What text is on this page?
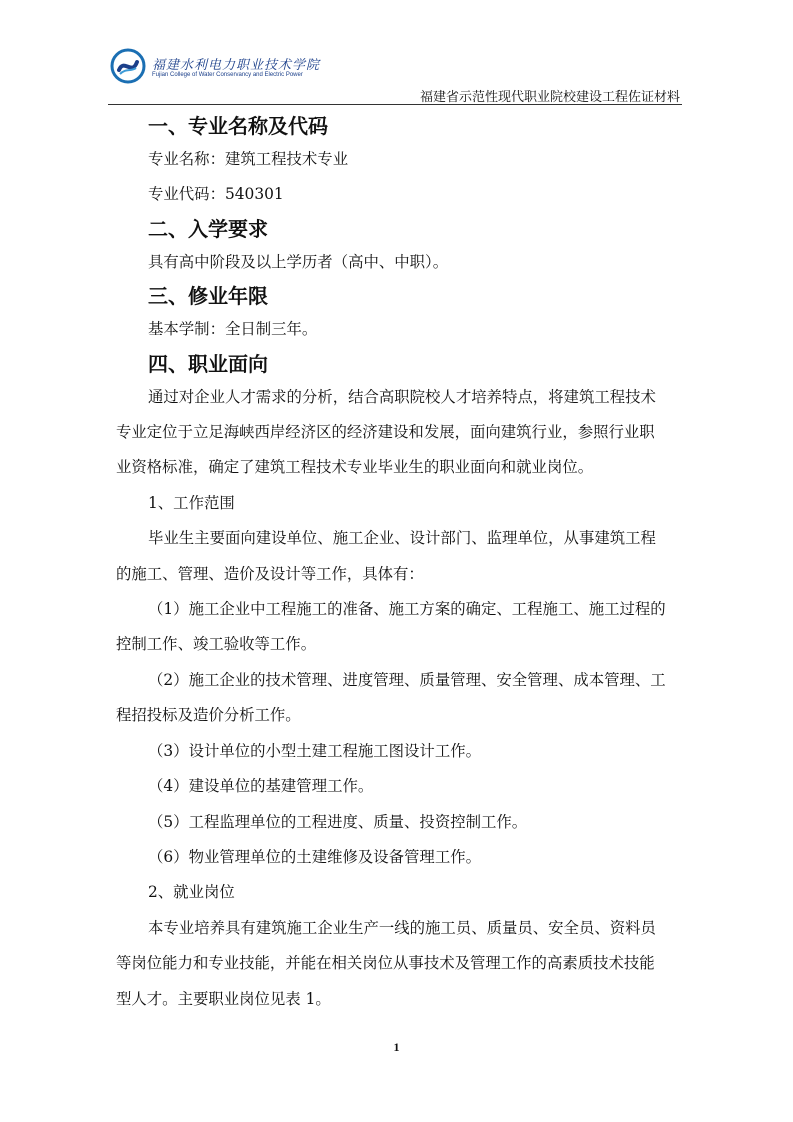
福建水利电力职业技术学院
Fujian College of Water Conservancy and Electric Power
福建省示范性现代职业院校建设工程佐证材料
一、专业名称及代码

专业名称：建筑工程技术专业

专业代码：540301

二、入学要求

具有高中阶段及以上学历者（高中、中职）。

三、修业年限

基本学制：全日制三年。

四、职业面向

通过对企业人才需求的分析，结合高职院校人才培养特点，将建筑工程技术

专业定位于立足海峡西岸经济区的经济建设和发展，面向建筑行业，参照行业职

业资格标准，确定了建筑工程技术专业毕业生的职业面向和就业岗位。

1、工作范围

毕业生主要面向建设单位、施工企业、设计部门、监理单位，从事建筑工程

的施工、管理、造价及设计等工作，具体有：

（1）施工企业中工程施工的准备、施工方案的确定、工程施工、施工过程的

控制工作、竣工验收等工作。

（2）施工企业的技术管理、进度管理、质量管理、安全管理、成本管理、工

程招投标及造价分析工作。

（3）设计单位的小型土建工程施工图设计工作。

（4）建设单位的基建管理工作。

（5）工程监理单位的工程进度、质量、投资控制工作。

（6）物业管理单位的土建维修及设备管理工作。

2、就业岗位

本专业培养具有建筑施工企业生产一线的施工员、质量员、安全员、资料员

等岗位能力和专业技能，并能在相关岗位从事技术及管理工作的高素质技术技能

型人才。主要职业岗位见表 1。

1
